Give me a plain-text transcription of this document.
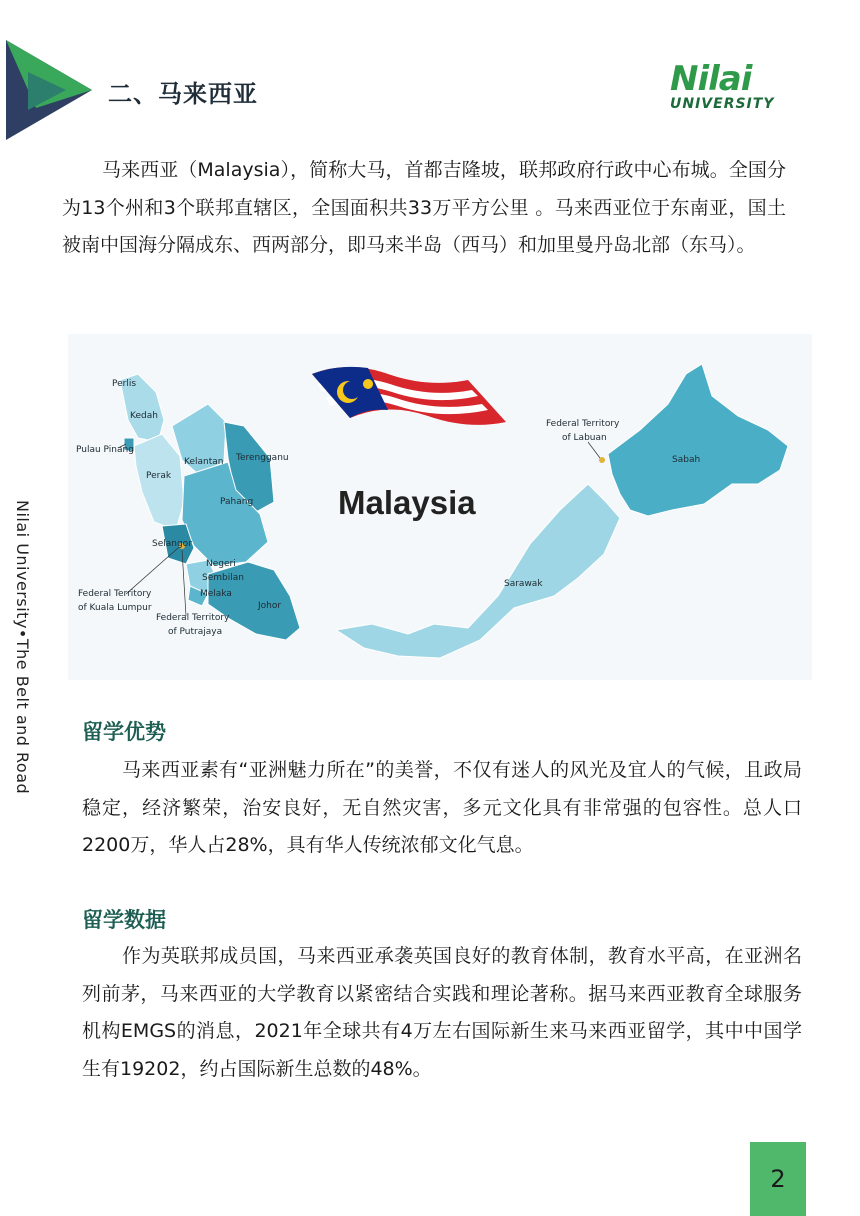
二、马来西亚	Nilai
UNIVERSITY
Nilai University•The Belt and Road

马来西亚（Malaysia），简称大马，首都吉隆坡，联邦政府行政中心布城。全国分为13个州和3个联邦直辖区，全国面积共33万平方公里 。马来西亚位于东南亚，国土被南中国海分隔成东、西两部分，即马来半岛（西马）和加里曼丹岛北部（东马）。

Malaysia
Perlis
Kedah
Pulau Pinang
Perak
Kelantan Terengganu
Pahang
Selangor
Negeri
Sembilan
Melaka
Johor
Federal Territory
of Kuala Lumpur
Federal Territory
of Putrajaya
Federal Territory
of Labuan
Sabah
Sarawak
留学优势

马来西亚素有“亚洲魅力所在”的美誉，不仅有迷人的风光及宜人的气候，且政局稳定，经济繁荣，治安良好，无自然灾害，多元文化具有非常强的包容性。总人口2200万，华人占28%，具有华人传统浓郁文化气息。

留学数据

作为英联邦成员国，马来西亚承袭英国良好的教育体制，教育水平高，在亚洲名列前茅，马来西亚的大学教育以紧密结合实践和理论著称。据马来西亚教育全球服务机构EMGS的消息，2021年全球共有4万左右国际新生来马来西亚留学，其中中国学生有19202，约占国际新生总数的48%。

2
